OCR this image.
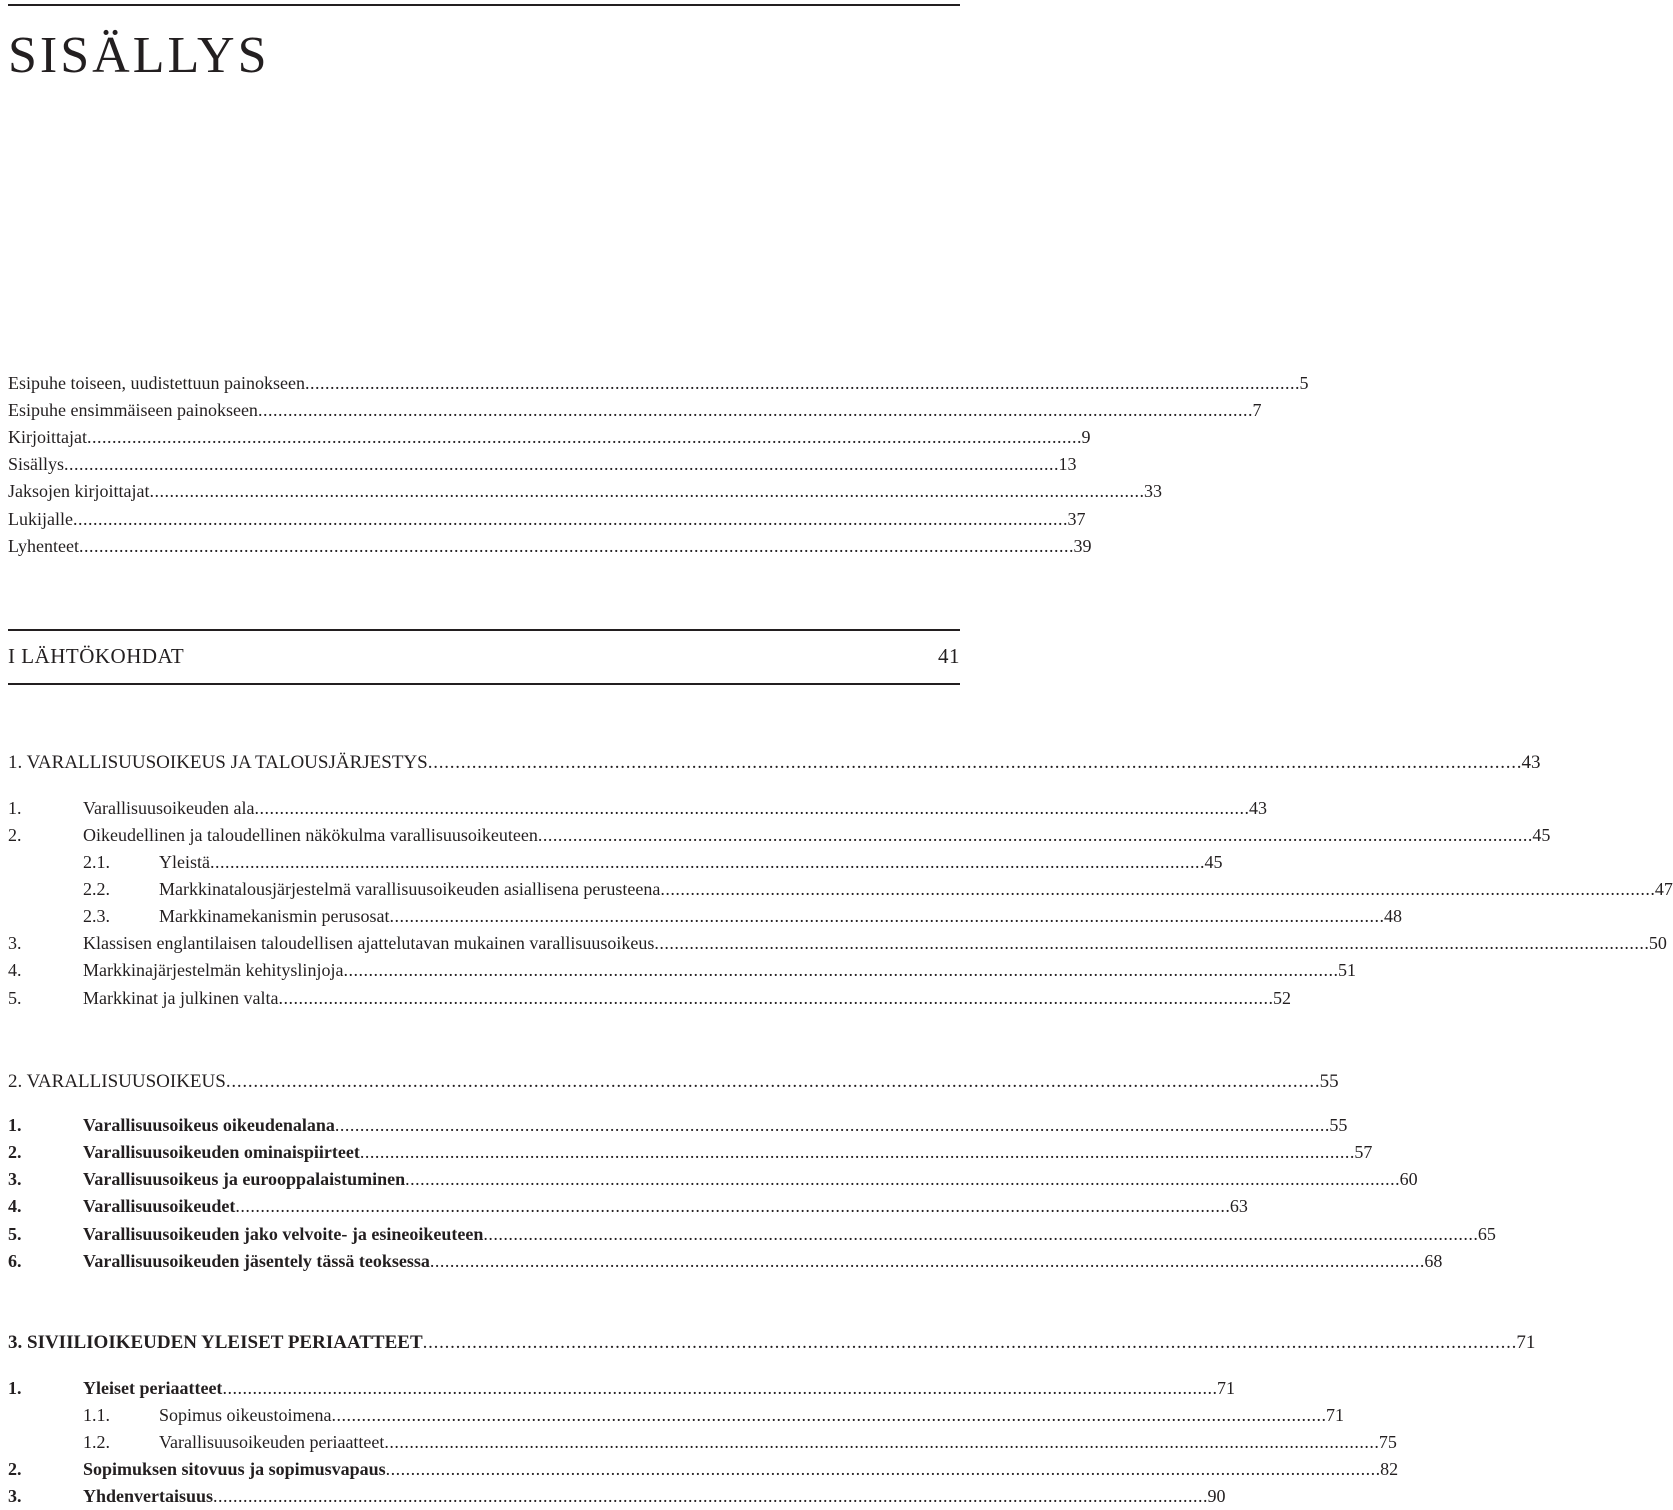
SISÄLLYS
Esipuhe toiseen, uudistettuun painokseen . . .	5
Esipuhe ensimmäiseen painokseen . . .	7
Kirjoittajat . . .	9
Sisällys . . .	13
Jaksojen kirjoittajat . . .	33
Lukijalle . . .	37
Lyhenteet . . .	39
I LÄHTÖKOHDAT	41
1. VARALLISUUSOIKEUS JA TALOUSJÄRJESTYS . . .	43
1.	Varallisuusoikeuden ala . . .	43
2.	Oikeudellinen ja taloudellinen näkökulma varallisuusoikeuteen . . .	45
2.1.	Yleistä . . .	45
2.2.	Markkinatalousjärjestelmä varallisuusoikeuden asiallisena perusteena . . .	47
2.3.	Markkinamekanismin perusosat . . .	48
3.	Klassisen englantilaisen taloudellisen ajattelutavan mukainen varallisuusoikeus . . .	50
4.	Markkinajärjestelmän kehityslinjoja . . .	51
5.	Markkinat ja julkinen valta . . .	52
2. VARALLISUUSOIKEUS . . .	55
1.	Varallisuusoikeus oikeudenalana . . .	55
2.	Varallisuusoikeuden ominaispiirteet . . .	57
3.	Varallisuusoikeus ja eurooppalaistuminen . . .	60
4.	Varallisuusoikeudet . . .	63
5.	Varallisuusoikeuden jako velvoite- ja esineoikeuteen . . .	65
6.	Varallisuusoikeuden jäsentely tässä teoksessa . . .	68
3. SIVIILIOIKEUDEN YLEISET PERIAATTEET . . .	71
1.	Yleiset periaatteet . . .	71
1.1.	Sopimus oikeustoimena . . .	71
1.2.	Varallisuusoikeuden periaatteet . . .	75
2.	Sopimuksen sitovuus ja sopimusvapaus . . .	82
3.	Yhdenvertaisuus . . .	90
